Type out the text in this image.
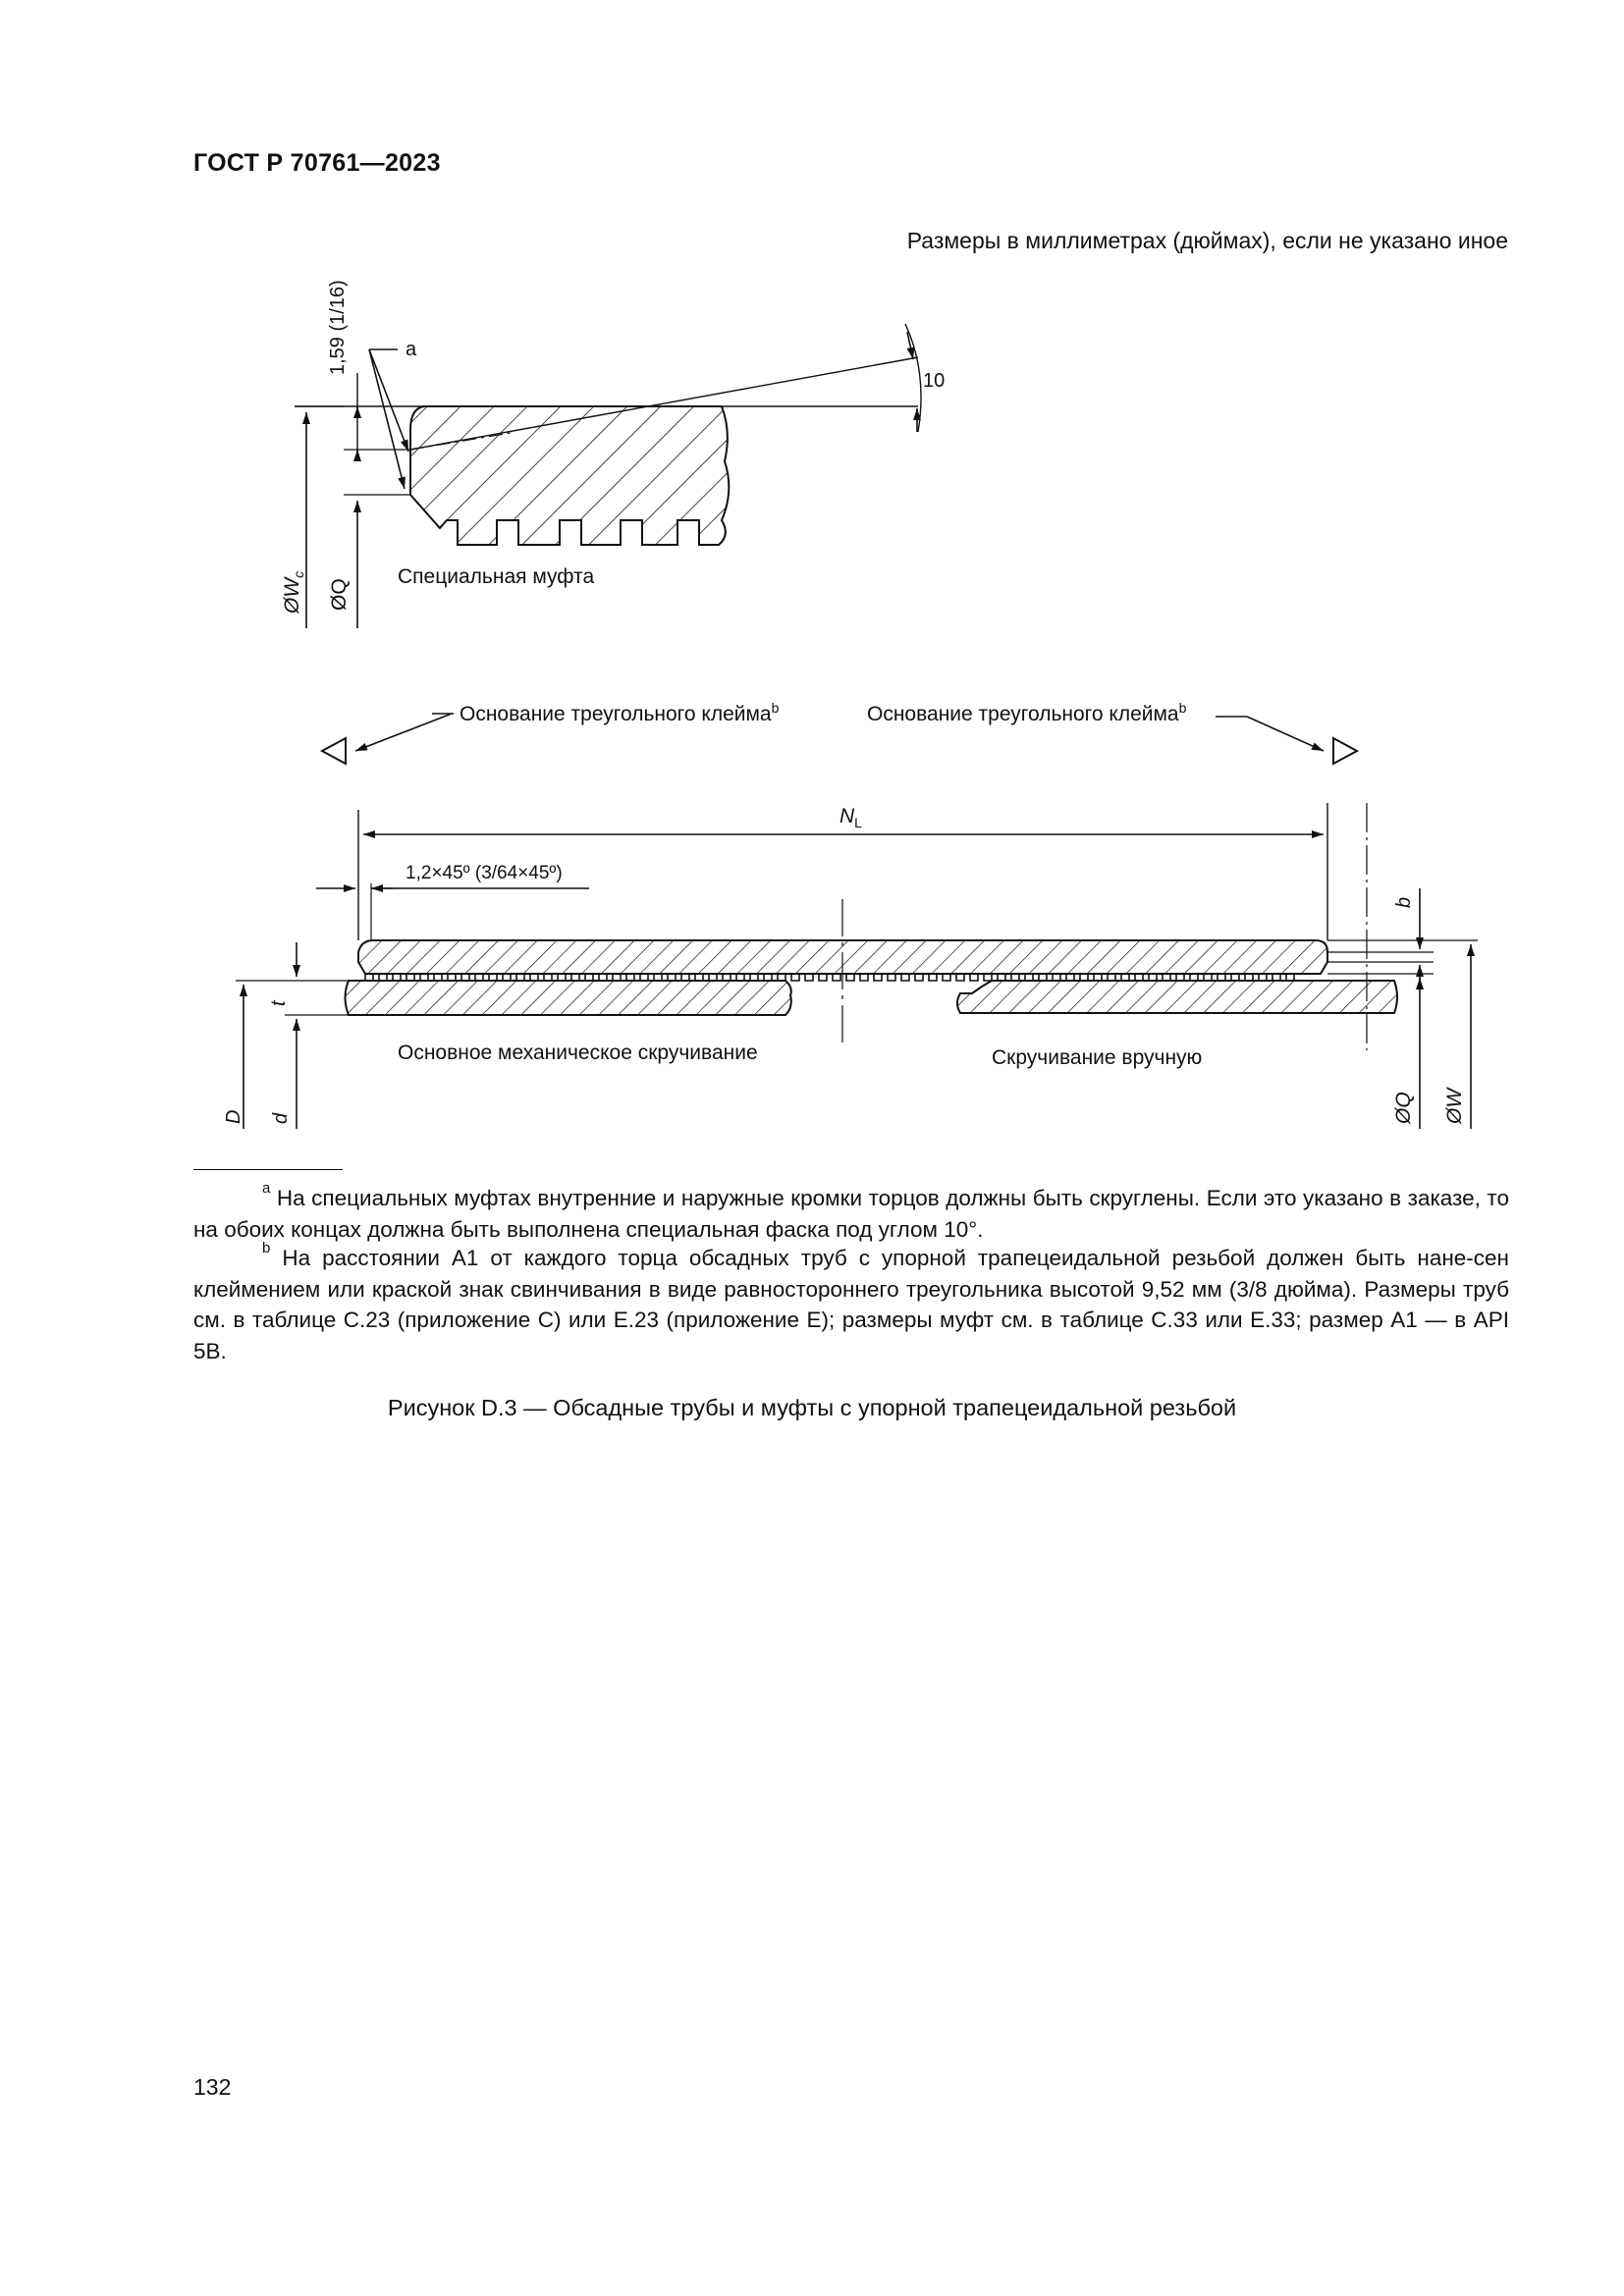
ГОСТ Р 70761—2023
Размеры в миллиметрах (дюймах), если не указано иное
1,59 (1/16)	a
10
$ØW_c$
ØQ
Специальная муфта
Основание треугольного клейма$^b$	Основание треугольного клейма$^b$
$N_L$
1,2×45º (3/64×45º)
b
t
D d	ØQ ØW
Основное механическое скручивание	Скручивание вручную
$^a$ На специальных муфтах внутренние и наружные кромки торцов должны быть скруглены. Если это указано в заказе, то на обоих концах должна быть выполнена специальная фаска под углом 10°.
$^b$ На расстоянии А1 от каждого торца обсадных труб с упорной трапецеидальной резьбой должен быть нане-сен клеймением или краской знак свинчивания в виде равностороннего треугольника высотой 9,52 мм (3/8 дюйма). Размеры труб см. в таблице С.23 (приложение С) или Е.23 (приложение Е); размеры муфт см. в таблице С.33 или Е.33; размер А1 — в API 5B.
Рисунок D.3 — Обсадные трубы и муфты с упорной трапецеидальной резьбой
132
